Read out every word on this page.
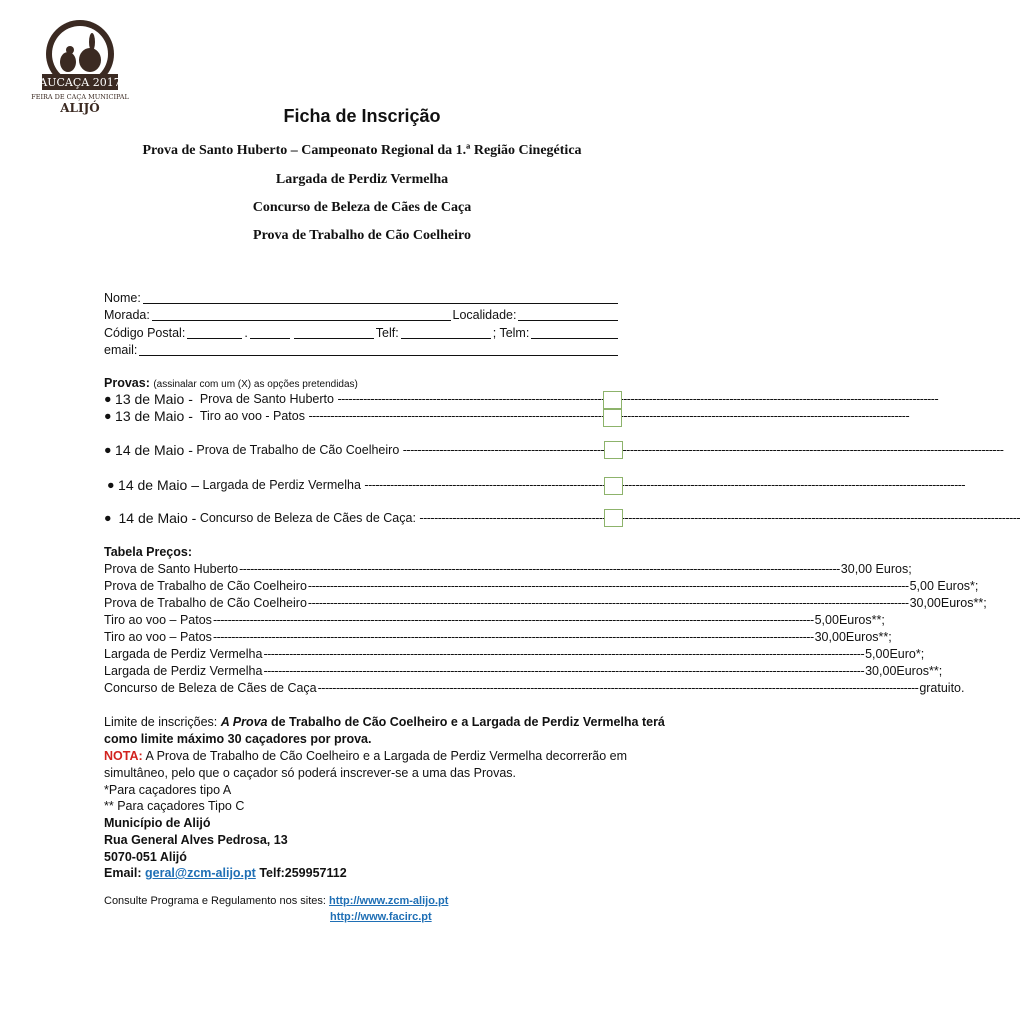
AUCAÇA 2017
FEIRA DE CAÇA MUNICIPAL
ALIJÓ	Ficha de Inscrição
Prova de Santo Huberto – Campeonato Regional da 1.ª Região Cinegética
Largada de Perdiz Vermelha
Concurso de Beleza de Cães de Caça
Prova de Trabalho de Cão Coelheiro
Nome:
Morada:	Localidade:
Código Postal:	.	Telf:	; Telm:
email:
Provas: (assinalar com um (X) as opções pretendidas)
●
13 de Maio -
Prova de Santo Huberto

-----
●
13 de Maio -
Tiro ao voo - Patos

-----
●
14 de Maio -
Prova de Trabalho de Cão Coelheiro

-----
●
14 de Maio –
Largada de Perdiz Vermelha

-----
●
14 de Maio -
Concurso de Beleza de Cães de Caça:

-----
Tabela Preços:
Prova de Santo Huberto -----	30,00 Euros;
Prova de Trabalho de Cão Coelheiro -----	5,00 Euros*;
Prova de Trabalho de Cão Coelheiro -----	30,00Euros**;
Tiro ao voo – Patos -----	5,00Euros**;
Tiro ao voo – Patos -----	30,00Euros**;
Largada de Perdiz Vermelha -----	5,00Euro*;
Largada de Perdiz Vermelha -----	30,00Euros**;
Concurso de Beleza de Cães de Caça -----	gratuito.
Limite de inscrições: A Prova de Trabalho de Cão Coelheiro e a Largada de Perdiz Vermelha terá
como limite máximo 30 caçadores por prova.
NOTA: A Prova de Trabalho de Cão Coelheiro e a Largada de Perdiz Vermelha decorrerão em
simultâneo, pelo que o caçador só poderá inscrever-se a uma das Provas.
*Para caçadores tipo A
** Para caçadores Tipo C
Município de Alijó
Rua General Alves Pedrosa, 13
5070-051 Alijó
Email: geral@zcm-alijo.pt Telf:259957112
Consulte Programa e Regulamento nos sites: http://www.zcm-alijo.pt
http://www.facirc.pt
